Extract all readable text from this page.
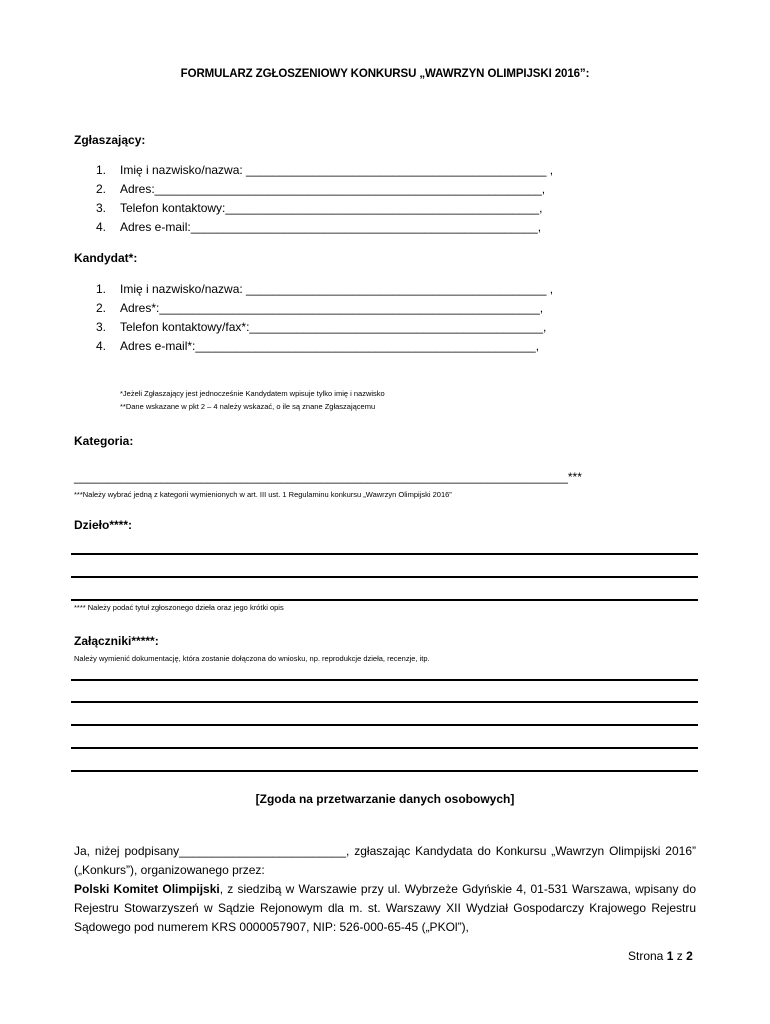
FORMULARZ ZGŁOSZENIOWY KONKURSU „WAWRZYN OLIMPIJSKI 2016”:
Zgłaszający:
1. Imię i nazwisko/nazwa: _____________________________________________ ,
2. Adres:__________________________________________________________,
3. Telefon kontaktowy:_______________________________________________,
4. Adres e-mail:____________________________________________________,
Kandydat*:
1. Imię i nazwisko/nazwa: _____________________________________________ ,
2. Adres*:_________________________________________________________,
3. Telefon kontaktowy/fax*:____________________________________________,
4. Adres e-mail*:___________________________________________________,
*Jeżeli Zgłaszający jest jednocześnie Kandydatem wpisuje tylko imię i nazwisko
**Dane wskazane w pkt 2 – 4 należy wskazać, o ile są znane Zgłaszającemu
Kategoria:
__________________________________________________________________________***
***Należy wybrać jedną z kategorii wymienionych w art. III ust. 1 Regulaminu konkursu „Wawrzyn Olimpijski 2016”
Dzieło****:
**** Należy podać tytuł zgłoszonego dzieła oraz jego krótki opis
Załączniki*****:
Należy wymienić dokumentację, która zostanie dołączona do wniosku, np. reprodukcje dzieła, recenzje, itp.
[Zgoda na przetwarzanie danych osobowych]
Ja, niżej podpisany_________________________, zgłaszając Kandydata do Konkursu „Wawrzyn Olimpijski 2016” („Konkurs”), organizowanego przez:
Polski Komitet Olimpijski, z siedzibą w Warszawie przy ul. Wybrzeże Gdyńskie 4, 01-531 Warszawa, wpisany do Rejestru Stowarzyszeń w Sądzie Rejonowym dla m. st. Warszawy XII Wydział Gospodarczy Krajowego Rejestru Sądowego pod numerem KRS 0000057907, NIP: 526-000-65-45 („PKOl”),
Strona 1 z 2
